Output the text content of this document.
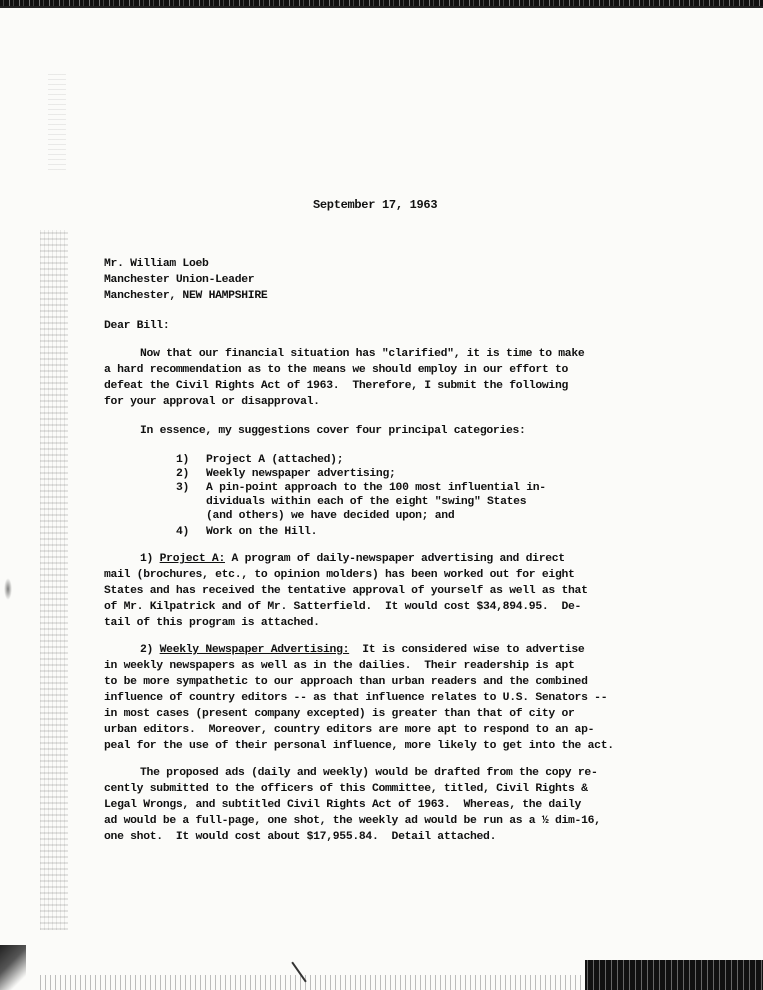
September 17, 1963

Mr. William Loeb

Manchester Union-Leader

Manchester, NEW HAMPSHIRE

Dear Bill:

Now that our financial situation has "clarified", it is time to make

a hard recommendation as to the means we should employ in our effort to

defeat the Civil Rights Act of 1963.  Therefore, I submit the following

for your approval or disapproval.

In essence, my suggestions cover four principal categories:

1) Project A (attached);

2) Weekly newspaper advertising;

3) A pin-point approach to the 100 most influential in-

dividuals within each of the eight "swing" States

(and others) we have decided upon; and

4) Work on the Hill.

1) Project A: A program of daily-newspaper advertising and direct

mail (brochures, etc., to opinion molders) has been worked out for eight

States and has received the tentative approval of yourself as well as that

of Mr. Kilpatrick and of Mr. Satterfield.  It would cost $34,894.95.  De-

tail of this program is attached.

2) Weekly Newspaper Advertising:  It is considered wise to advertise

in weekly newspapers as well as in the dailies.  Their readership is apt

to be more sympathetic to our approach than urban readers and the combined

influence of country editors -- as that influence relates to U.S. Senators --

in most cases (present company excepted) is greater than that of city or

urban editors.  Moreover, country editors are more apt to respond to an ap-

peal for the use of their personal influence, more likely to get into the act.

The proposed ads (daily and weekly) would be drafted from the copy re-

cently submitted to the officers of this Committee, titled, Civil Rights &

Legal Wrongs, and subtitled Civil Rights Act of 1963.  Whereas, the daily

ad would be a full-page, one shot, the weekly ad would be run as a ½ dim-16,

one shot.  It would cost about $17,955.84.  Detail attached.
